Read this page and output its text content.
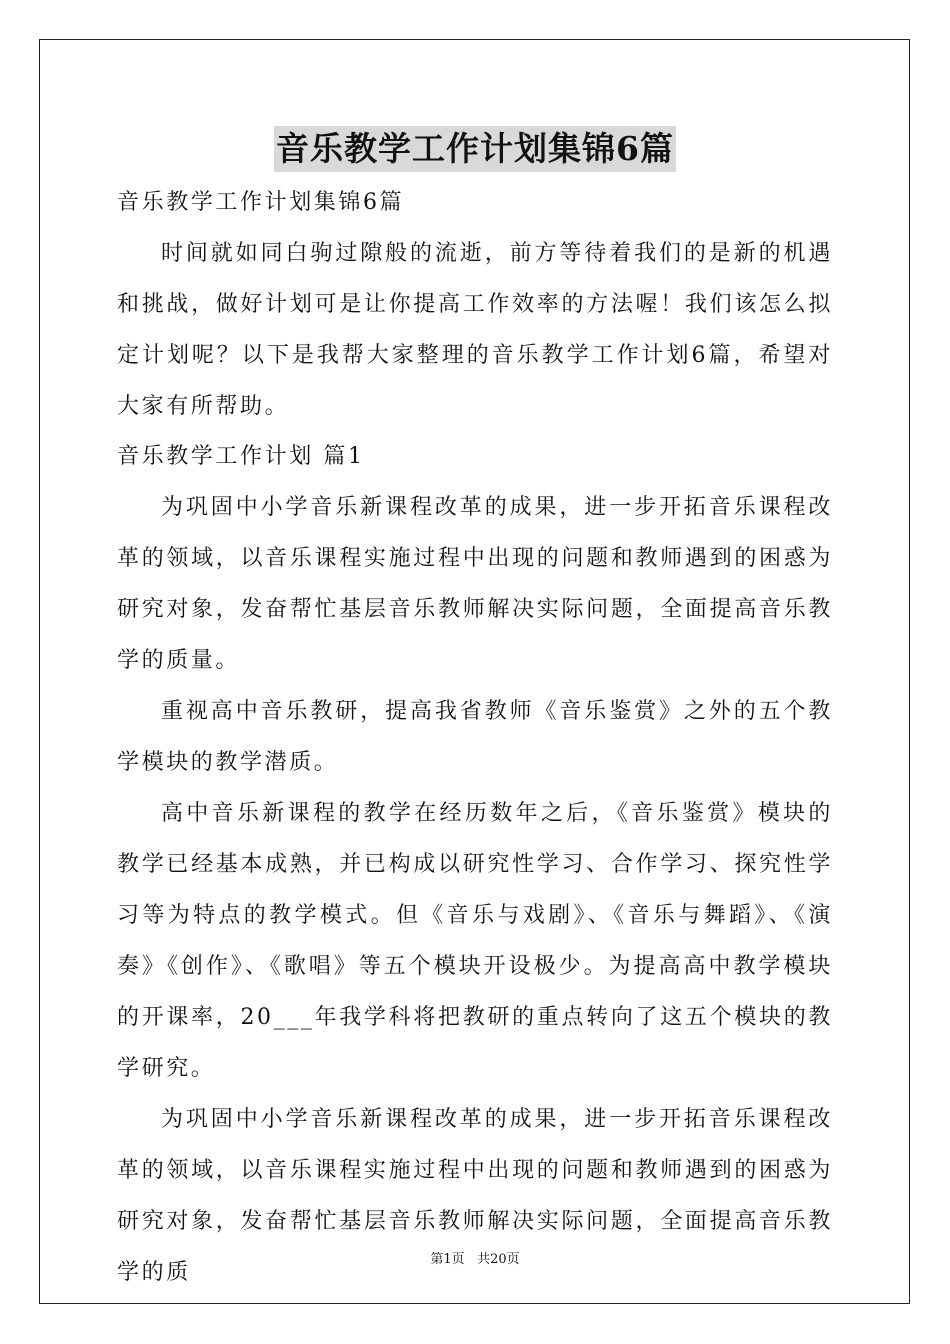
音乐教学工作计划集锦6篇

音乐教学工作计划集锦6篇

时间就如同白驹过隙般的流逝，前方等待着我们的是新的机遇和挑战，做好计划可是让你提高工作效率的方法喔！我们该怎么拟定计划呢？以下是我帮大家整理的音乐教学工作计划6篇，希望对大家有所帮助。

音乐教学工作计划 篇1

为巩固中小学音乐新课程改革的成果，进一步开拓音乐课程改革的领域，以音乐课程实施过程中出现的问题和教师遇到的困惑为研究对象，发奋帮忙基层音乐教师解决实际问题，全面提高音乐教学的质量。

重视高中音乐教研，提高我省教师《音乐鉴赏》之外的五个教学模块的教学潜质。

高中音乐新课程的教学在经历数年之后，《音乐鉴赏》模块的教学已经基本成熟，并已构成以研究性学习、合作学习、探究性学习等为特点的教学模式。但《音乐与戏剧》、《音乐与舞蹈》、《演奏》《创作》、《歌唱》等五个模块开设极少。为提高高中教学模块的开课率，20___年我学科将把教研的重点转向了这五个模块的教学研究。

为巩固中小学音乐新课程改革的成果，进一步开拓音乐课程改革的领域，以音乐课程实施过程中出现的问题和教师遇到的困惑为研究对象，发奋帮忙基层音乐教师解决实际问题，全面提高音乐教学的质

第1页 共20页
